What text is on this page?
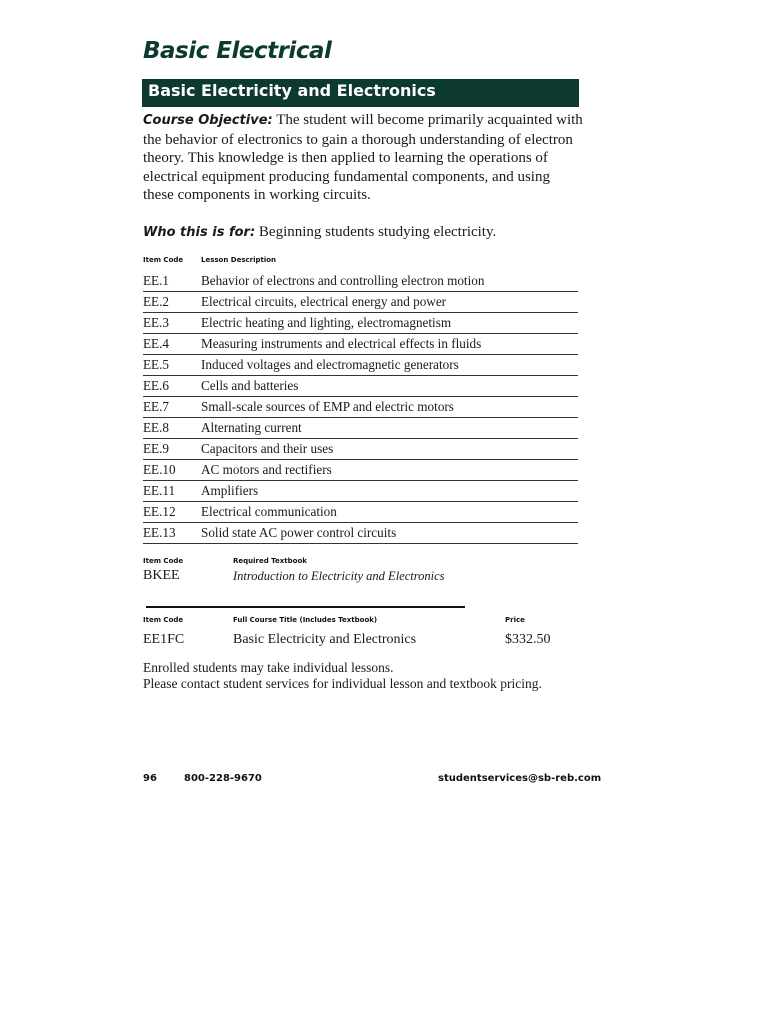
Basic Electrical
Basic Electricity and Electronics
Course Objective: The student will become primarily acquainted with the behavior of electronics to gain a thorough understanding of electron theory. This knowledge is then applied to learning the operations of electrical equipment producing fundamental components, and using these components in working circuits.
Who this is for: Beginning students studying electricity.
Item Code	Lesson Description
EE.1 Behavior of electrons and controlling electron motion
EE.2 Electrical circuits, electrical energy and power
EE.3 Electric heating and lighting, electromagnetism
EE.4 Measuring instruments and electrical effects in fluids
EE.5 Induced voltages and electromagnetic generators
EE.6 Cells and batteries
EE.7 Small-scale sources of EMP and electric motors
EE.8 Alternating current
EE.9 Capacitors and their uses
EE.10 AC motors and rectifiers
EE.11 Amplifiers
EE.12 Electrical communication
EE.13 Solid state AC power control circuits
Item Code	Required Textbook
BKEE	Introduction to Electricity and Electronics
Item Code	Full Course Title (Includes Textbook)	Price
EE1FC	Basic Electricity and Electronics	$332.50
Enrolled students may take individual lessons.
Please contact student services for individual lesson and textbook pricing.
96	800-228-9670	studentservices@sb-reb.com
